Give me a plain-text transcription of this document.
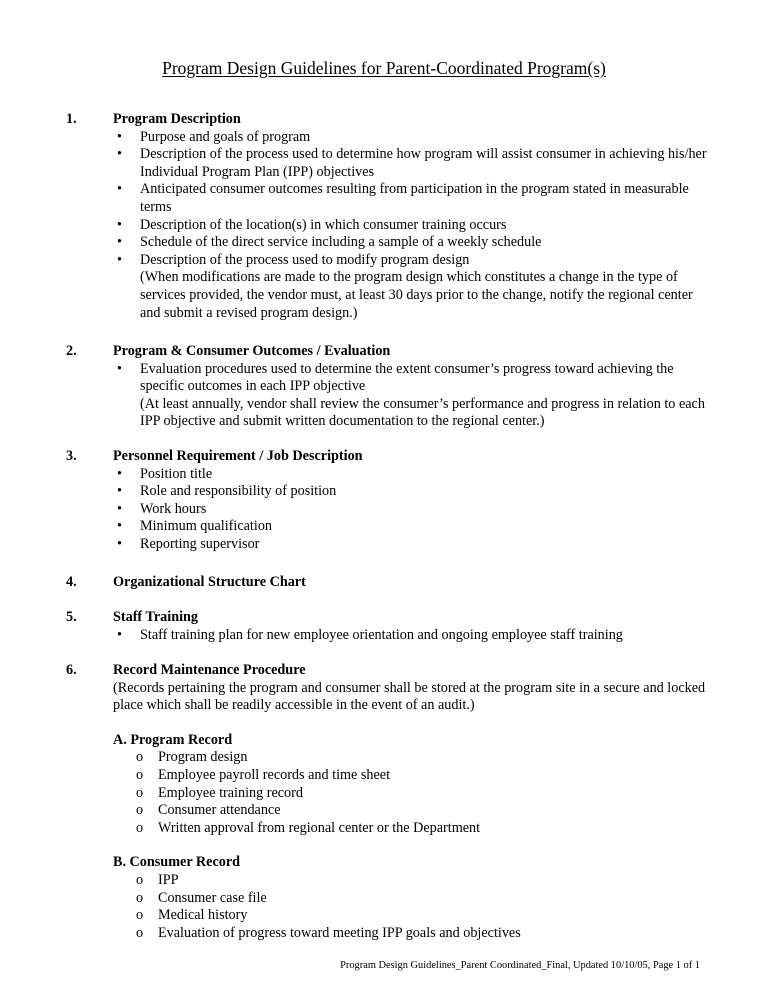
Program Design Guidelines for Parent-Coordinated Program(s)
1.	Program Description
• Purpose and goals of program
• Description of the process used to determine how program will assist consumer in achieving his/her Individual Program Plan (IPP) objectives
• Anticipated consumer outcomes resulting from participation in the program stated in measurable terms
• Description of the location(s) in which consumer training occurs
• Schedule of the direct service including a sample of a weekly schedule
• Description of the process used to modify program design
(When modifications are made to the program design which constitutes a change in the type of services provided, the vendor must, at least 30 days prior to the change, notify the regional center and submit a revised program design.)
2.	Program & Consumer Outcomes / Evaluation
• Evaluation procedures used to determine the extent consumer’s progress toward achieving the specific outcomes in each IPP objective
(At least annually, vendor shall review the consumer’s performance and progress in relation to each IPP objective and submit written documentation to the regional center.)
3.	Personnel Requirement / Job Description
• Position title
• Role and responsibility of position
• Work hours
• Minimum qualification
• Reporting supervisor
4.	Organizational Structure Chart
5.	Staff Training
• Staff training plan for new employee orientation and ongoing employee staff training
6.	Record Maintenance Procedure
(Records pertaining the program and consumer shall be stored at the program site in a secure and locked place which shall be readily accessible in the event of an audit.)
A. Program Record
o Program design
o Employee payroll records and time sheet
o Employee training record
o Consumer attendance
o Written approval from regional center or the Department
B. Consumer Record
o IPP
o Consumer case file
o Medical history
o Evaluation of progress toward meeting IPP goals and objectives
Program Design Guidelines_Parent Coordinated_Final, Updated 10/10/05, Page 1 of 1
